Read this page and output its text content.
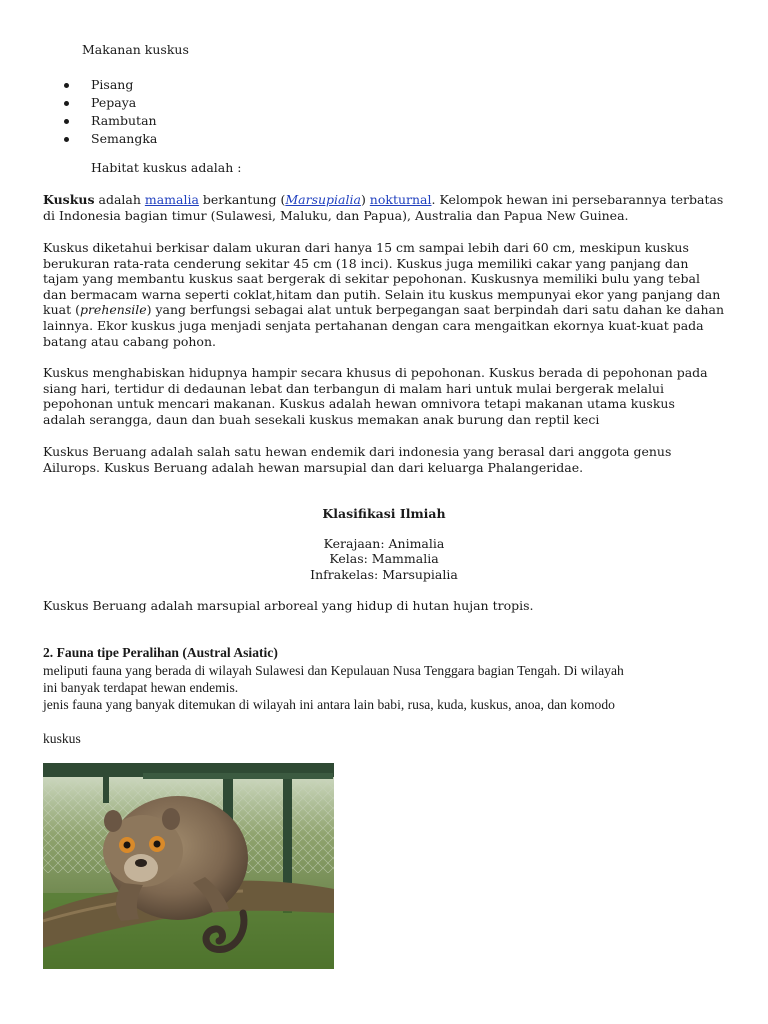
Makanan kuskus
Pisang
Pepaya
Rambutan
Semangka
Habitat kuskus adalah :
Kuskus adalah mamalia berkantung (Marsupialia) nokturnal. Kelompok hewan ini persebarannya terbatas
di Indonesia bagian timur (Sulawesi, Maluku, dan Papua), Australia dan Papua New Guinea.
Kuskus diketahui berkisar dalam ukuran dari hanya 15 cm sampai lebih dari 60 cm, meskipun kuskus
berukuran rata-rata cenderung sekitar 45 cm (18 inci). Kuskus juga memiliki cakar yang panjang dan
tajam yang membantu kuskus saat bergerak di sekitar pepohonan. Kuskusnya memiliki bulu yang tebal
dan bermacam warna seperti coklat,hitam dan putih. Selain itu kuskus mempunyai ekor yang panjang dan
kuat (prehensile) yang berfungsi sebagai alat untuk berpegangan saat berpindah dari satu dahan ke dahan
lainnya. Ekor kuskus juga menjadi senjata pertahanan dengan cara mengaitkan ekornya kuat-kuat pada
batang atau cabang pohon.
Kuskus menghabiskan hidupnya hampir secara khusus di pepohonan. Kuskus berada di pepohonan pada
siang hari, tertidur di dedaunan lebat dan terbangun di malam hari untuk mulai bergerak melalui
pepohonan untuk mencari makanan. Kuskus adalah hewan omnivora tetapi makanan utama kuskus
adalah serangga, daun dan buah sesekali kuskus memakan anak burung dan reptil keci
Kuskus Beruang adalah salah satu hewan endemik dari indonesia yang berasal dari anggota genus
Ailurops. Kuskus Beruang adalah hewan marsupial dan dari keluarga Phalangeridae.
Klasifikasi Ilmiah
Kerajaan: Animalia
Kelas: Mammalia
Infrakelas: Marsupialia
Kuskus Beruang adalah marsupial arboreal yang hidup di hutan hujan tropis.
2. Fauna tipe Peralihan (Austral Asiatic)
meliputi fauna yang berada di wilayah Sulawesi dan Kepulauan Nusa Tenggara bagian Tengah. Di wilayah
ini banyak terdapat hewan endemis.
jenis fauna yang banyak ditemukan di wilayah ini antara lain babi, rusa, kuda, kuskus, anoa, dan komodo
kuskus
